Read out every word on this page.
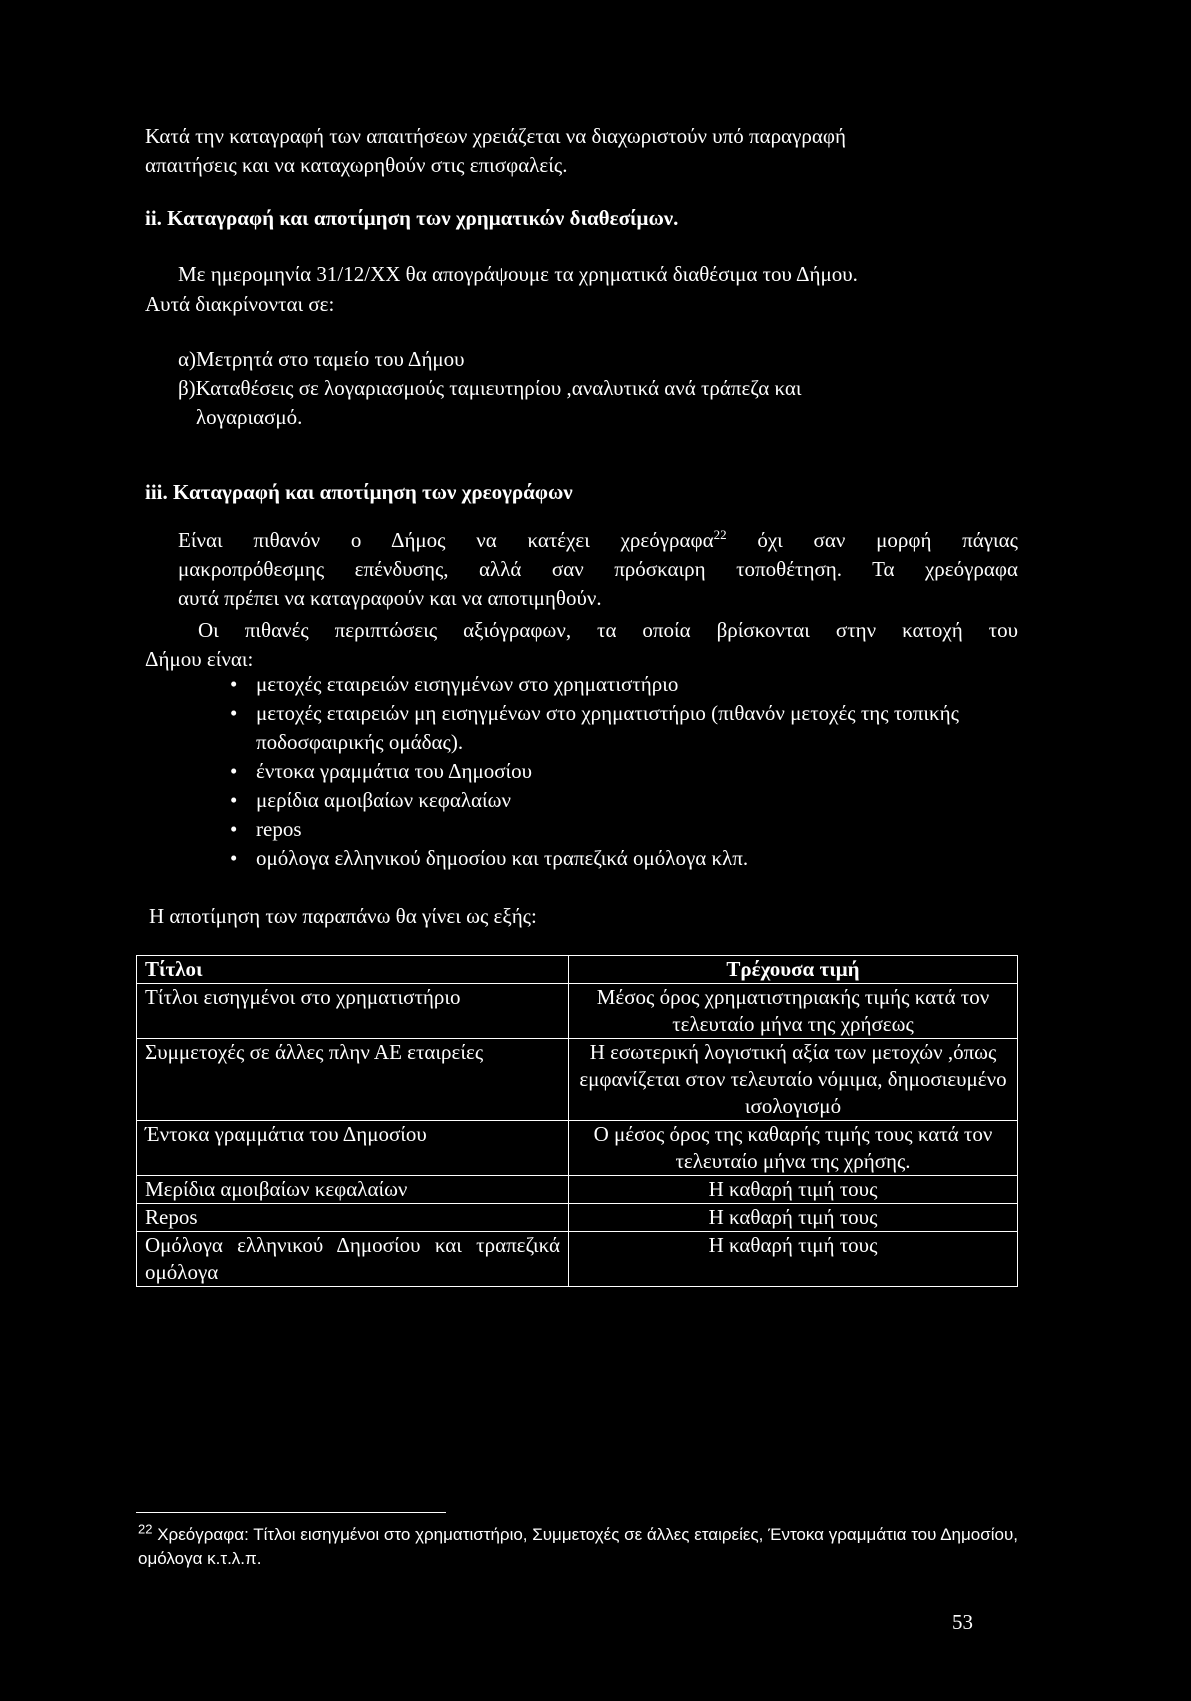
Κατά την καταγραφή των απαιτήσεων χρειάζεται να διαχωριστούν υπό παραγραφή
απαιτήσεις και να καταχωρηθούν στις επισφαλείς.
ii. Καταγραφή και αποτίμηση των χρηματικών διαθεσίμων.
Με ημερομηνία 31/12/ΧΧ θα απογράψουμε τα χρηματικά διαθέσιμα του Δήμου.
Αυτά διακρίνονται σε:
α)Μετρητά στο ταμείο του Δήμου
β)Καταθέσεις σε λογαριασμούς ταμιευτηρίου ,αναλυτικά ανά τράπεζα και
λογαριασμό.
iii. Καταγραφή και αποτίμηση των χρεογράφων
Είναι πιθανόν ο Δήμος να κατέχει χρεόγραφα$^{22}$ όχι σαν μορφή πάγιας
μακροπρόθεσμης επένδυσης, αλλά σαν πρόσκαιρη τοποθέτηση. Τα χρεόγραφα
αυτά πρέπει να καταγραφούν και να αποτιμηθούν.
Οι πιθανές περιπτώσεις αξιόγραφων, τα οποία βρίσκονται στην κατοχή του
Δήμου είναι:
• μετοχές εταιρειών εισηγμένων στο χρηματιστήριο
• μετοχές εταιρειών μη εισηγμένων στο χρηματιστήριο (πιθανόν μετοχές της τοπικής ποδοσφαιρικής ομάδας).
• έντοκα γραμμάτια του Δημοσίου
• μερίδια αμοιβαίων κεφαλαίων
• repos
• ομόλογα ελληνικού δημοσίου και τραπεζικά ομόλογα κλπ.
Η αποτίμηση των παραπάνω θα γίνει ως εξής:
Τίτλοι	Τρέχουσα τιμή
Τίτλοι εισηγμένοι στο χρηματιστήριο	Μέσος όρος χρηματιστηριακής τιμής κατά τον τελευταίο μήνα της χρήσεως
Συμμετοχές σε άλλες πλην ΑΕ εταιρείες	Η εσωτερική λογιστική αξία των μετοχών ,όπως εμφανίζεται στον τελευταίο νόμιμα, δημοσιευμένο ισολογισμό
Έντοκα γραμμάτια του Δημοσίου	Ο μέσος όρος της καθαρής τιμής τους κατά τον τελευταίο μήνα της χρήσης.
Μερίδια αμοιβαίων κεφαλαίων	Η καθαρή τιμή τους
Repos	Η καθαρή τιμή τους
Ομόλογα ελληνικού Δημοσίου και τραπεζικά ομόλογα	Η καθαρή τιμή τους
$^{22}$ Χρεόγραφα: Τίτλοι εισηγμένοι στο χρηματιστήριο, Συμμετοχές σε άλλες εταιρείες, Έντοκα γραμμάτια του Δημοσίου, ομόλογα κ.τ.λ.π.
53
